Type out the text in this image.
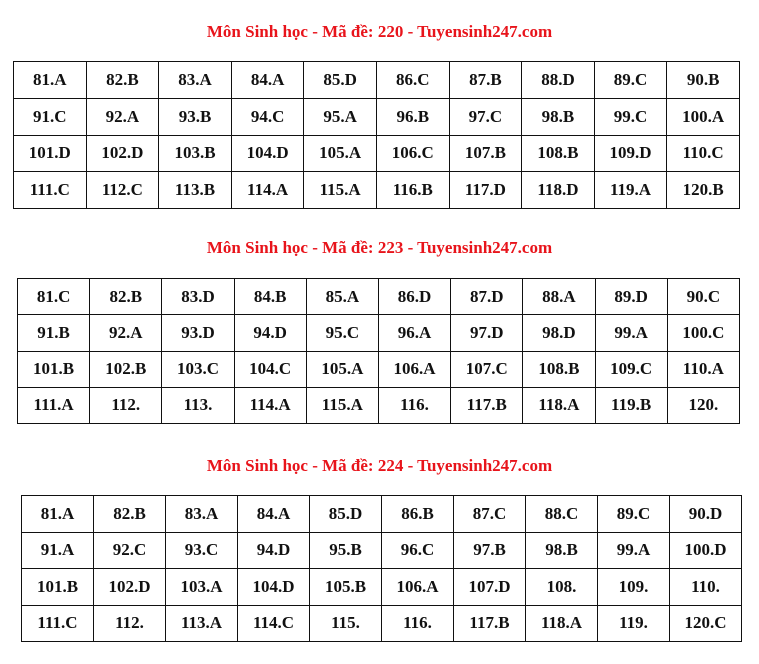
Môn Sinh học - Mã đề: 220 - Tuyensinh247.com
81.A	82.B	83.A	84.A	85.D	86.C	87.B	88.D	89.C	90.B
91.C	92.A	93.B	94.C	95.A	96.B	97.C	98.B	99.C	100.A
101.D	102.D	103.B	104.D	105.A	106.C	107.B	108.B	109.D	110.C
111.C	112.C	113.B	114.A	115.A	116.B	117.D	118.D	119.A	120.B
Môn Sinh học - Mã đề: 223 - Tuyensinh247.com
81.C	82.B	83.D	84.B	85.A	86.D	87.D	88.A	89.D	90.C
91.B	92.A	93.D	94.D	95.C	96.A	97.D	98.D	99.A	100.C
101.B	102.B	103.C	104.C	105.A	106.A	107.C	108.B	109.C	110.A
111.A	112.	113.	114.A	115.A	116.	117.B	118.A	119.B	120.
Môn Sinh học - Mã đề: 224 - Tuyensinh247.com
81.A	82.B	83.A	84.A	85.D	86.B	87.C	88.C	89.C	90.D
91.A	92.C	93.C	94.D	95.B	96.C	97.B	98.B	99.A	100.D
101.B	102.D	103.A	104.D	105.B	106.A	107.D	108.	109.	110.
111.C	112.	113.A	114.C	115.	116.	117.B	118.A	119.	120.C
